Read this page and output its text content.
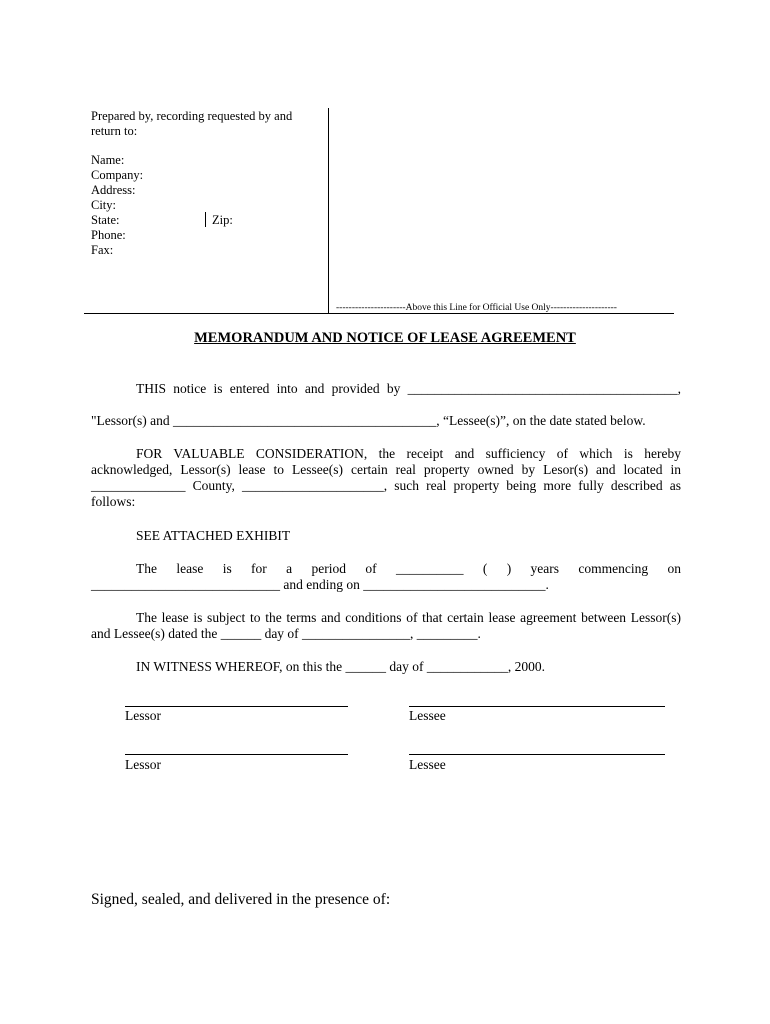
Prepared by, recording requested by and
return to:
Name:
Company:
Address:
City:
State:	Zip:
Phone:
Fax:
----------------------Above this Line for Official Use Only---------------------
MEMORANDUM AND NOTICE OF LEASE AGREEMENT
THIS notice is entered into and provided by ________________________________________,
"Lessor(s) and _______________________________________, “Lessee(s)”, on the date stated below.
FOR VALUABLE CONSIDERATION, the receipt and sufficiency of which is hereby
acknowledged, Lessor(s) lease to Lessee(s) certain real property owned by Lesor(s) and located in
______________ County, _____________________, such real property being more fully described as
follows:
SEE ATTACHED EXHIBIT
The lease is for a period of __________ ( ) years commencing on
____________________________ and ending on ___________________________.
The lease is subject to the terms and conditions of that certain lease agreement between Lessor(s)
and Lessee(s) dated the ______ day of ________________, _________.
IN WITNESS WHEREOF, on this the ______ day of ____________, 2000.
Lessor	Lessee
Lessor	Lessee
Signed, sealed, and delivered in the presence of:
